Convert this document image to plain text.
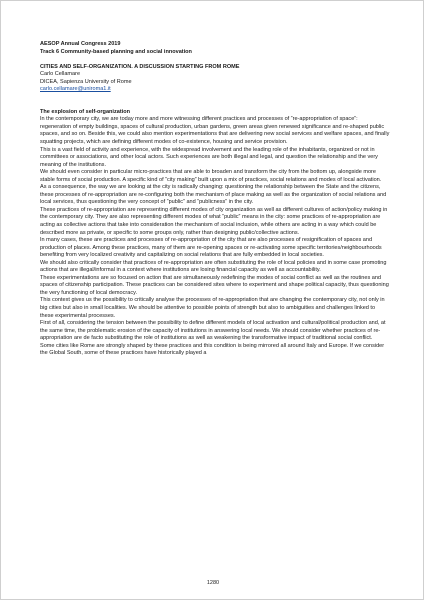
AESOP Annual Congress 2019
Track 6 Community-based planning and social innovation
CITIES AND SELF-ORGANIZATION. A DISCUSSION STARTING FROM ROME
Carlo Cellamare
DICEA, Sapienza University of Rome
carlo.cellamare@uniroma1.it
The explosion of self-organization

In the contemporary city, we are today more and more witnessing different practices and processes of “re-appropriation of space”: regeneration of empty buildings, spaces of cultural production, urban gardens, green areas given renewed significance and re-shaped public spaces, and so on. Beside this, we could also mention experimentations that are delivering new social services and welfare spaces, and finally squatting projects, which are defining different modes of co-existence, housing and service provision.

This is a vast field of activity and experience, with the widespread involvement and the leading role of the inhabitants, organized or not in committees or associations, and other local actors. Such experiences are both illegal and legal, and question the relationship and the very meaning of the institutions.

We should even consider in particular micro-practices that are able to broaden and transform the city from the bottom up, alongside more stable forms of social production. A specific kind of “city making” built upon a mix of practices, social relations and modes of local activation.

As a consequence, the way we are looking at the city is radically changing: questioning the relationship between the State and the citizens, these processes of re-appropriation are re-configuring both the mechanism of place making as well as the organization of social relations and local services, thus questioning the very concept of “public” and “publicness” in the city.

These practices of re-appropriation are representing different modes of city organization as well as different cultures of action/policy making in the contemporary city. They are also representing different modes of what “public” means in the city: some practices of re-appropriation are acting as collective actions that take into consideration the mechanism of social inclusion, while others are acting in a way which could be described more as private, or specific to some groups only, rather than designing public/collective actions.

In many cases, these are practices and processes of re-appropriation of the city that are also processes of resignification of spaces and production of places. Among these practices, many of them are re-opening spaces or re-activating some specific territories/neighbourhoods benefiting from very localized creativity and capitalizing on social relations that are fully embedded in local societies.

We should also critically consider that practices of re-appropriation are often substituting the role of local policies and in some case promoting actions that are illegal/informal in a context where institutions are losing financial capacity as well as accountability.

These experimentations are so focused on action that are simultaneously redefining the modes of social conflict as well as the routines and spaces of citizenship participation. These practices can be considered sites where to experiment and shape political capacity, thus questioning the very functioning of local democracy.

This context gives us the possibility to critically analyse the processes of re-appropriation that are changing the contemporary city, not only in big cities but also in small localities. We should be attentive to possible points of strength but also to ambiguities and challenges linked to these experimental processes.

First of all, considering the tension between the possibility to define different models of local activation and cultural/political production and, at the same time, the problematic erosion of the capacity of institutions in answering local needs. We should consider whether practices of re-appropriation are de facto substituting the role of institutions as well as weakening the transformative impact of traditional social conflict.

Some cities like Rome are strongly shaped by these practices and this condition is being mirrored all around Italy and Europe. If we consider the Global South, some of these practices have historically played a

1280
